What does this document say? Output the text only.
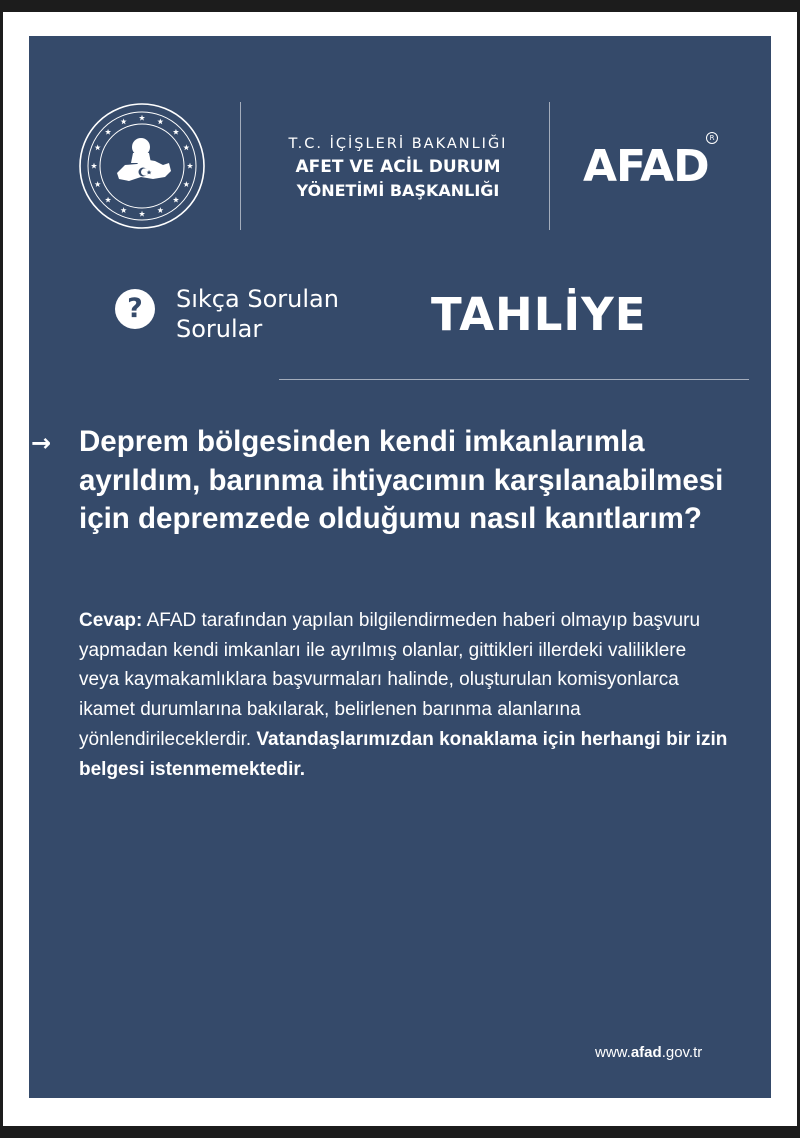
T.C. İÇİŞLERİ BAKANLIĞI
AFET VE ACİL DURUM
YÖNETİMİ BAŞKANLIĞI	AFAD
R
?	Sıkça Sorulan
Sorular	TAHLİYE
→ Deprem bölgesinden kendi imkanlarımla ayrıldım, barınma ihtiyacımın karşılanabilmesi için depremzede olduğumu nasıl kanıtlarım?
Cevap: AFAD tarafından yapılan bilgilendirmeden haberi olmayıp başvuru yapmadan kendi imkanları ile ayrılmış olanlar, gittikleri illerdeki valiliklere veya kaymakamlıklara başvurmaları halinde, oluşturulan komisyonlarca ikamet durumlarına bakılarak, belirlenen barınma alanlarına yönlendirileceklerdir. Vatandaşlarımızdan konaklama için herhangi bir izin belgesi istenmemektedir.
www.afad.gov.tr
